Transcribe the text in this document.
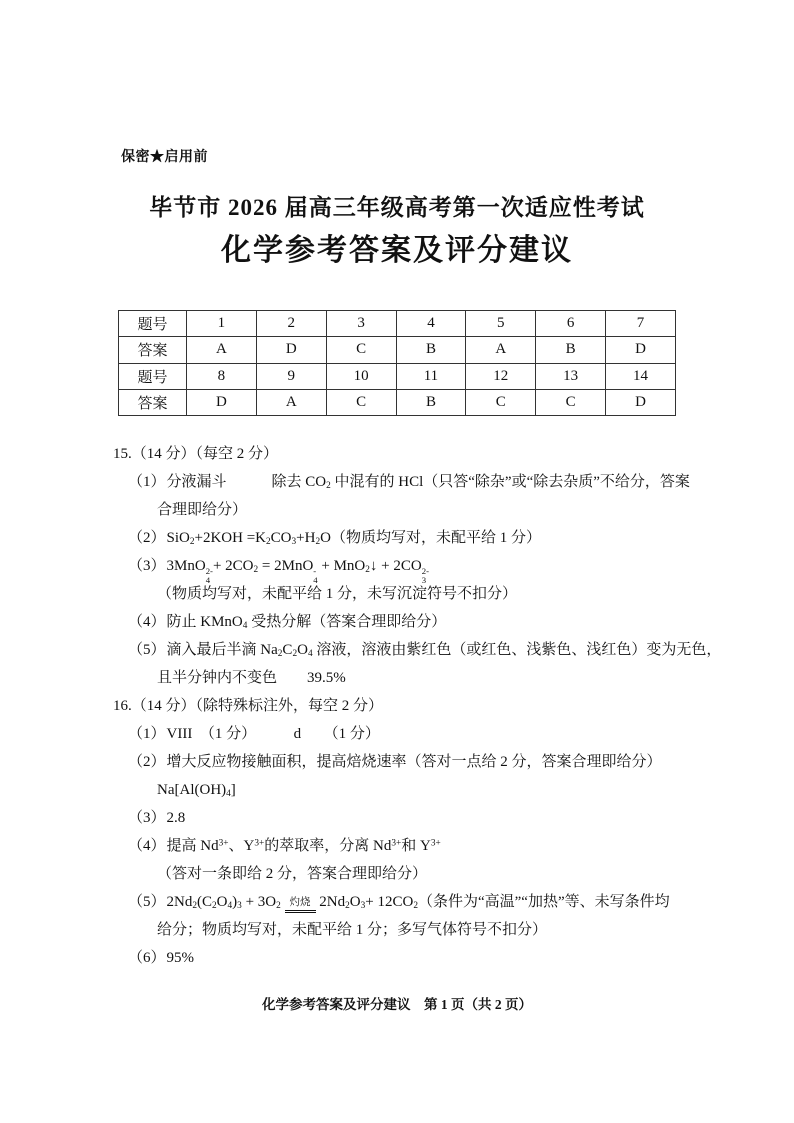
保密★启用前
毕节市 2026 届高三年级高考第一次适应性考试
化学参考答案及评分建议
题号	1	2	3	4	5	6	7
答案	A	D	C	B	A	B	D
题号	8	9	10	11	12	13	14
答案	D	A	C	B	C	C	D
15.（14 分）（每空 2 分）
（1）分液漏斗　　　除去 $CO_2$ 中混有的 HCl（只答“除杂”或“除去杂质”不给分，答案
合理即给分）
$(2)SiO_2+2KOH =K_2CO_3+H_2O$（物质均写对，未配平给 1 分）
（3）3MnO 2-
4
+ $2CO_2 = 2MnO$ -
4
+ MnO$_2$↓ + 2CO 2-
3
（物质均写对，未配平给 1 分，未写沉淀符号不扣分）
（4）防止 KMnO$_4$ 受热分解（答案合理即给分）
（5）滴入最后半滴 $Na_2C_2O_4$ 溶液，溶液由紫红色（或红色、浅紫色、浅红色）变为无色，
且半分钟内不变色　　39.5%
16.（14 分）（除特殊标注外，每空 2 分）
（1）VIII　（1 分）　　　d　　（1 分）
（2）增大反应物接触面积，提高焙烧速率（答对一点给 2 分，答案合理即给分）
$Na[Al(OH)_4]$
（3）2.8
（4）提高 $Nd^{3+}$、$Y^{3+}$的萃取率，分离 $Nd^{3+}$和 $Y^{3+}$
（答对一条即给 2 分，答案合理即给分）
$(5)2Nd_2(C_2O_4)_3 + 3O_2$ 灼烧 $2Nd_2O_3+ 12CO_2$（条件为“高温”“加热”等、未写条件均
给分；物质均写对，未配平给 1 分；多写气体符号不扣分）
（6）95%
化学参考答案及评分建议　第 1 页（共 2 页）
